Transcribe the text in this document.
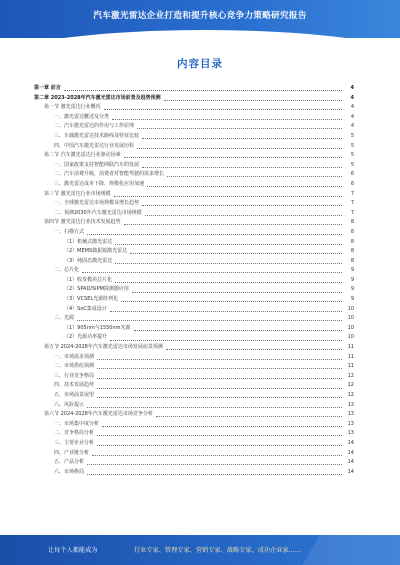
汽车激光雷达企业打造和提升核心竞争力策略研究报告
内容目录
第一章 前言	4
第二章 2023-2028年汽车激光雷达市场前景及趋势预测	4
第一节 激光雷达行业概况	4
一、激光雷达概述及分类	4
二、汽车激光雷达的作用与工作原理	4
三、车载激光雷达技术路线及特征比较	5
四、中国汽车激光雷达行业发展历程	5
第二节 汽车激光雷达行业驱动因素	5
一、国家政策支持智能网联汽车的发展	5
二、汽车消费升级，消费者对智能驾驶的需求增长	6
三、激光雷达成本下降，规模化应用加速	6
第三节 激光雷达行业市场规模	7
一、全球激光雷达市场规模及增长趋势	7
二、预测2030年汽车激光雷达市场规模	7
第四节 激光雷达行业技术发展趋势	8
一、扫描方式	8
（1）机械式激光雷达	8
（2）MEMS微振镜激光雷达	8
（3）纯固态激光雷达	8
二、芯片化	9
（1）收发模块芯片化	9
（2）SPAD/SiPM探测器应用	9
（3）VCSEL光源阵列化	9
（4）SoC集成设计	10
三、光源	10
（1）905nm与1550nm光源	10
（2）光源功率提升	10
第五节 2024-2028年汽车激光雷达市场发展前景预测	11
一、市场需求预测	11
二、市场供给预测	11
三、行业竞争格局	12
四、技术发展趋势	12
五、市场前景展望	12
六、风险提示	13
第六节 2024-2028年汽车激光雷达市场竞争分析	13
一、市场集中度分析	13
二、竞争格局分析	13
三、主要企业分析	14
四、产业链分析	14
五、产品分析	14
六、市场格局	14
让每个人都能成为	行业专家、管理专家、营销专家、战略专家、成功企业家……
